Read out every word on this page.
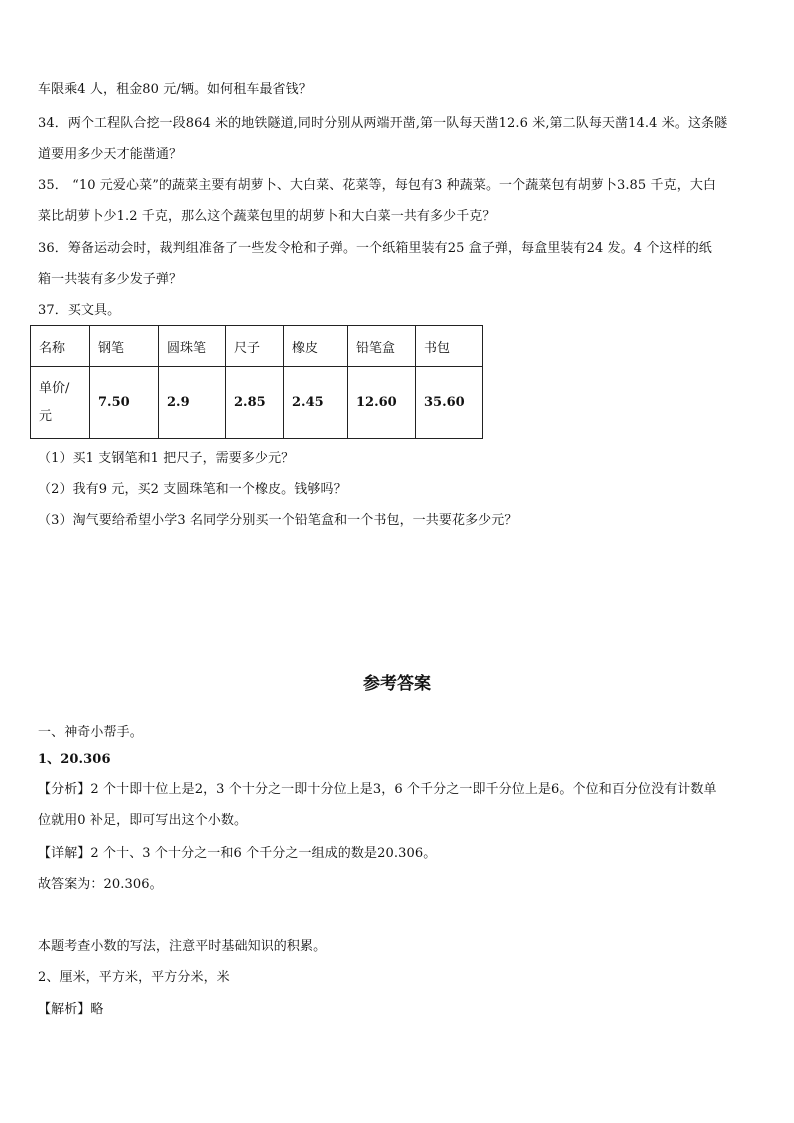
车限乘4 人，租金80 元/辆。如何租车最省钱？
34．两个工程队合挖一段864 米的地铁隧道,同时分别从两端开凿,第一队每天凿12.6 米,第二队每天凿14.4 米。这条隧
道要用多少天才能凿通？
35． “10 元爱心菜”的蔬菜主要有胡萝卜、大白菜、花菜等，每包有3 种蔬菜。一个蔬菜包有胡萝卜3.85 千克，大白
菜比胡萝卜少1.2 千克，那么这个蔬菜包里的胡萝卜和大白菜一共有多少千克？
36．筹备运动会时，裁判组准备了一些发令枪和子弹。一个纸箱里装有25 盒子弹，每盒里装有24 发。4 个这样的纸
箱一共装有多少发子弹？
37．买文具。
名称	钢笔	圆珠笔	尺子	橡皮	铅笔盒	书包

单价/
元	7.50	2.9	2.85	2.45	12.60	35.60
（1）买1 支钢笔和1 把尺子，需要多少元？
（2）我有9 元，买2 支圆珠笔和一个橡皮。钱够吗？
（3）淘气要给希望小学3 名同学分别买一个铅笔盒和一个书包，一共要花多少元？
参考答案
一、神奇小帮手。
1、20.306
【分析】2 个十即十位上是2，3 个十分之一即十分位上是3，6 个千分之一即千分位上是6。个位和百分位没有计数单
位就用0 补足，即可写出这个小数。
【详解】2 个十、3 个十分之一和6 个千分之一组成的数是20.306。
故答案为：20.306。
本题考查小数的写法，注意平时基础知识的积累。
2、厘米，平方米，平方分米，米
【解析】略
